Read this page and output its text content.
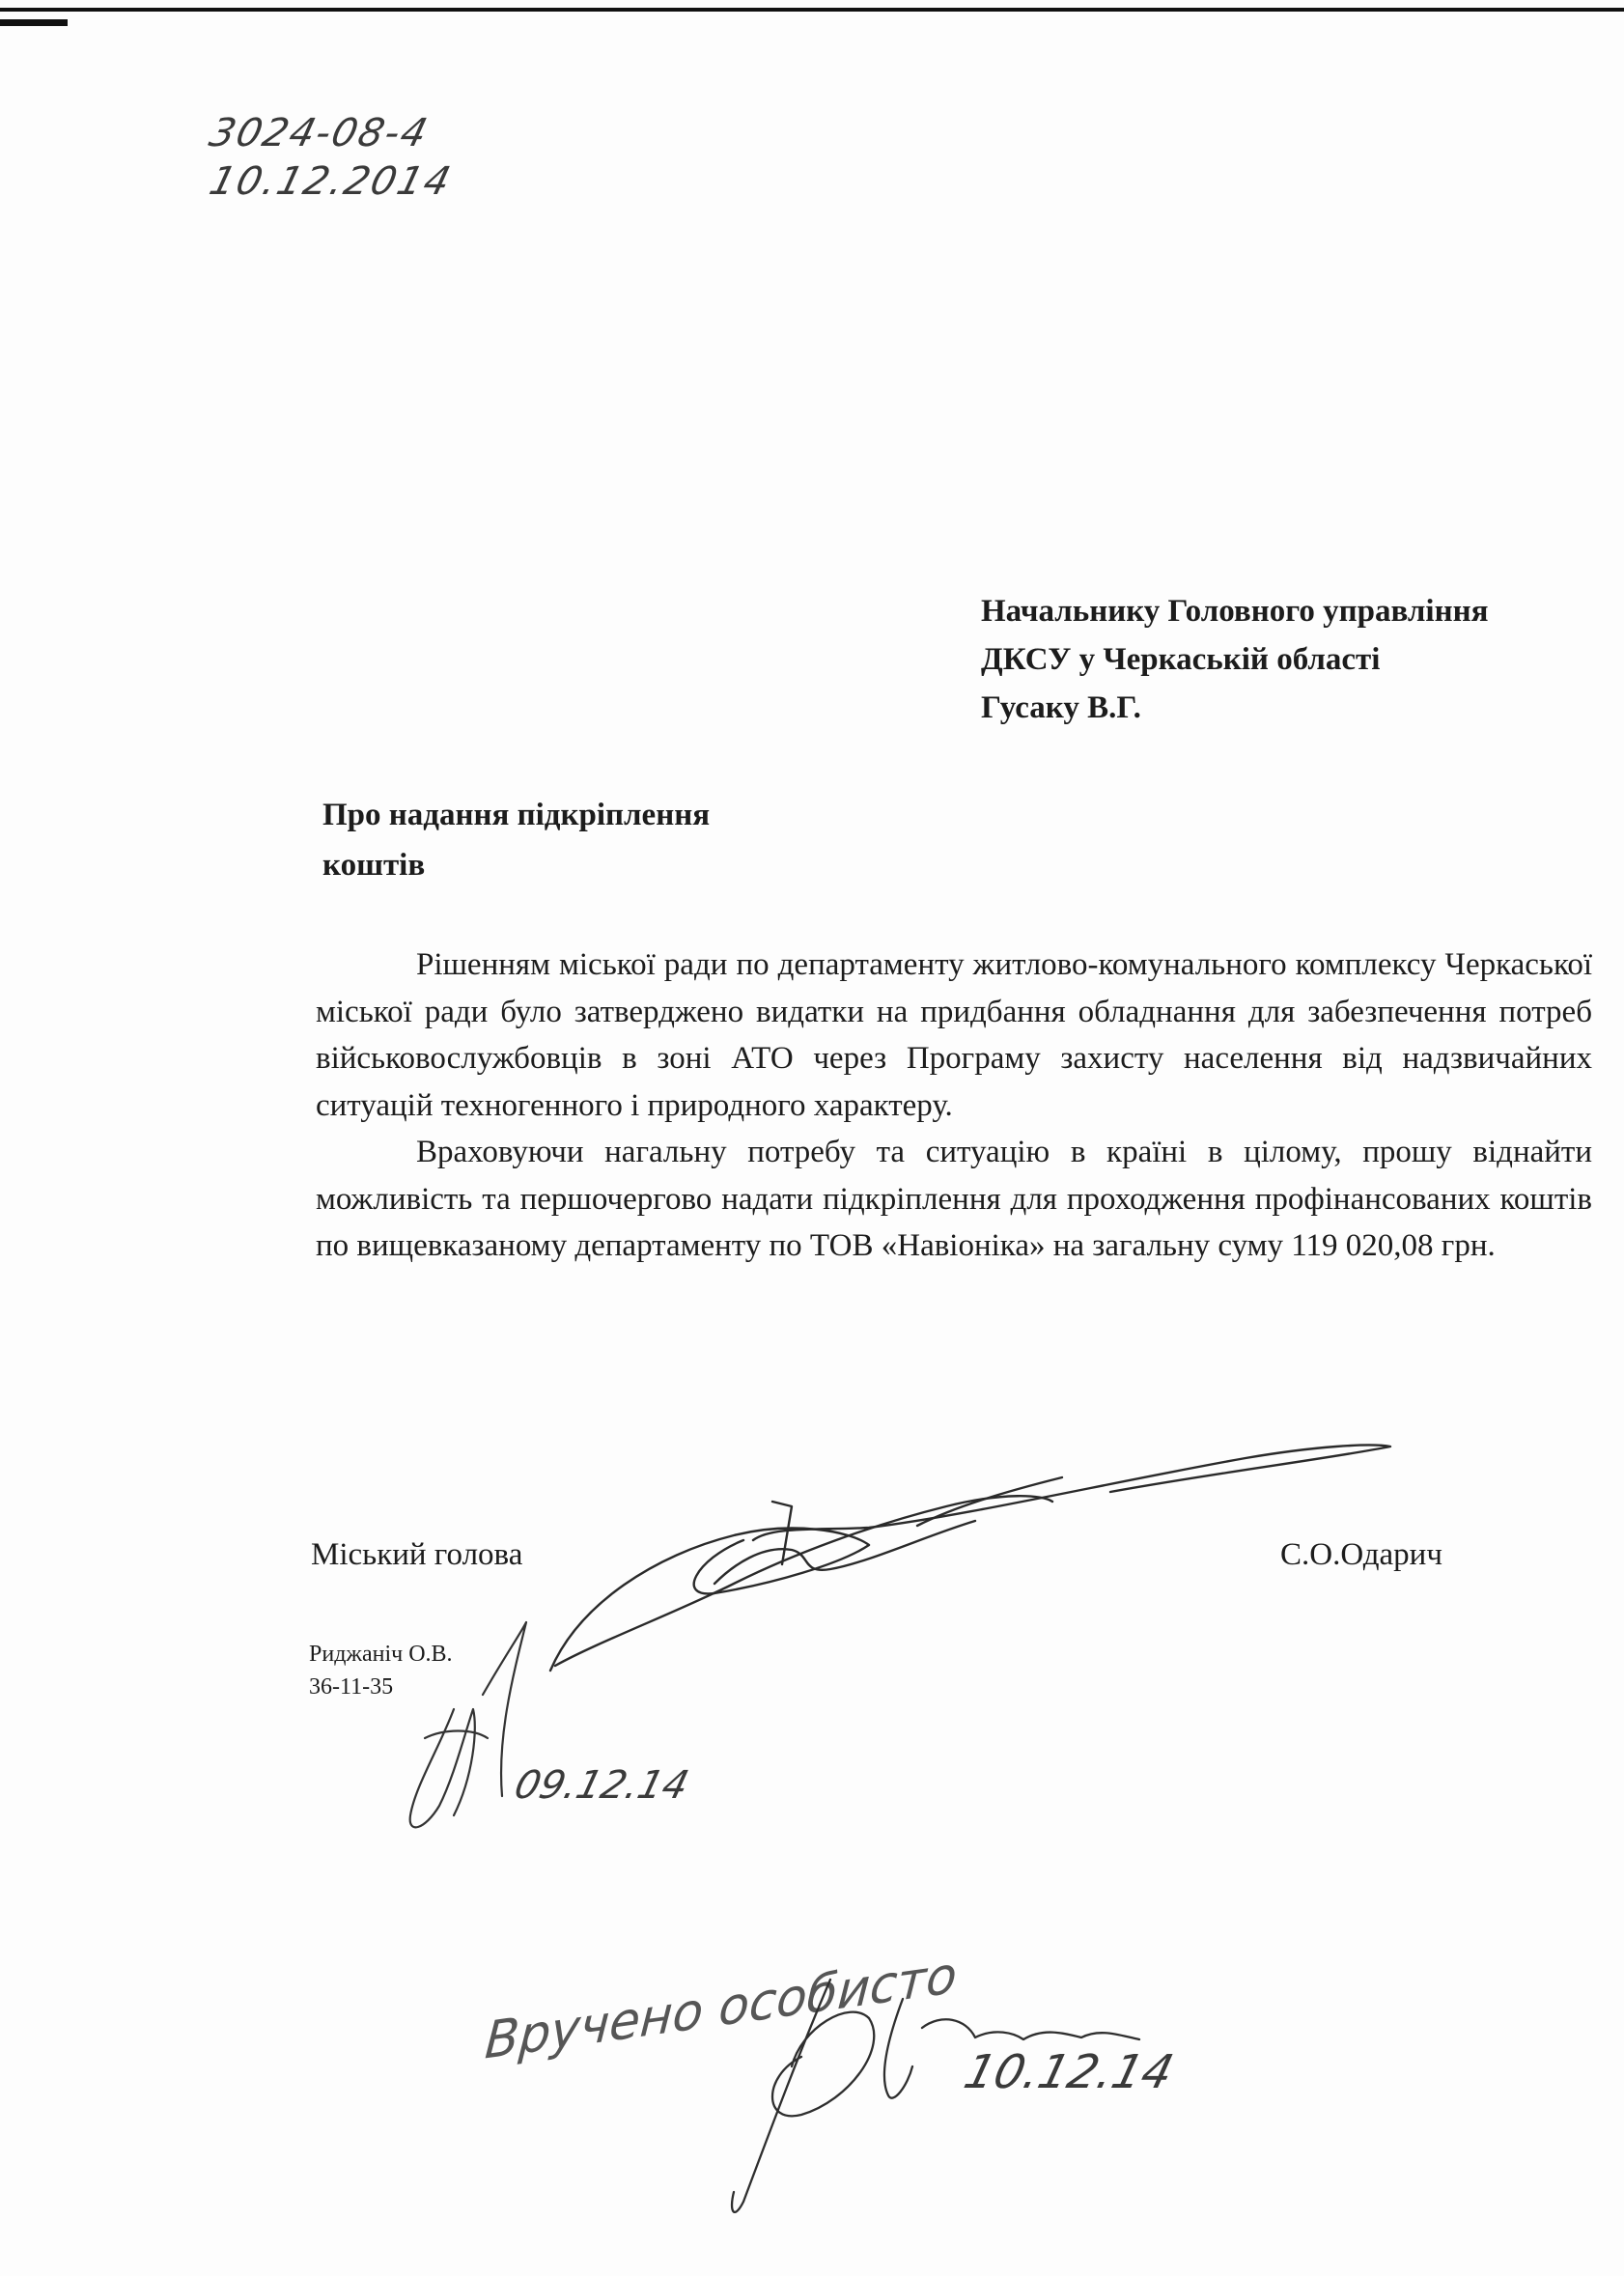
3024-08-4
10.12.2014
Начальнику Головного управління
ДКСУ у Черкаській області
Гусаку В.Г.
Про надання підкріплення
коштів

Рішенням міської ради по департаменту житлово-комунального комплексу Черкаської міської ради було затверджено видатки на придбання обладнання для забезпечення потреб військовослужбовців в зоні АТО через Програму захисту населення від надзвичайних ситуацій техногенного і природного характеру.

Враховуючи нагальну потребу та ситуацію в країні в цілому, прошу віднайти можливість та першочергово надати підкріплення для проходження профінансованих коштів по вищевказаному департаменту по ТОВ «Навіоніка» на загальну суму 119 020,08 грн.

Міський голова	С.О.Одарич
Риджаніч О.В.
36-11-35
09.12.14
Вручено особисто
10.12.14
